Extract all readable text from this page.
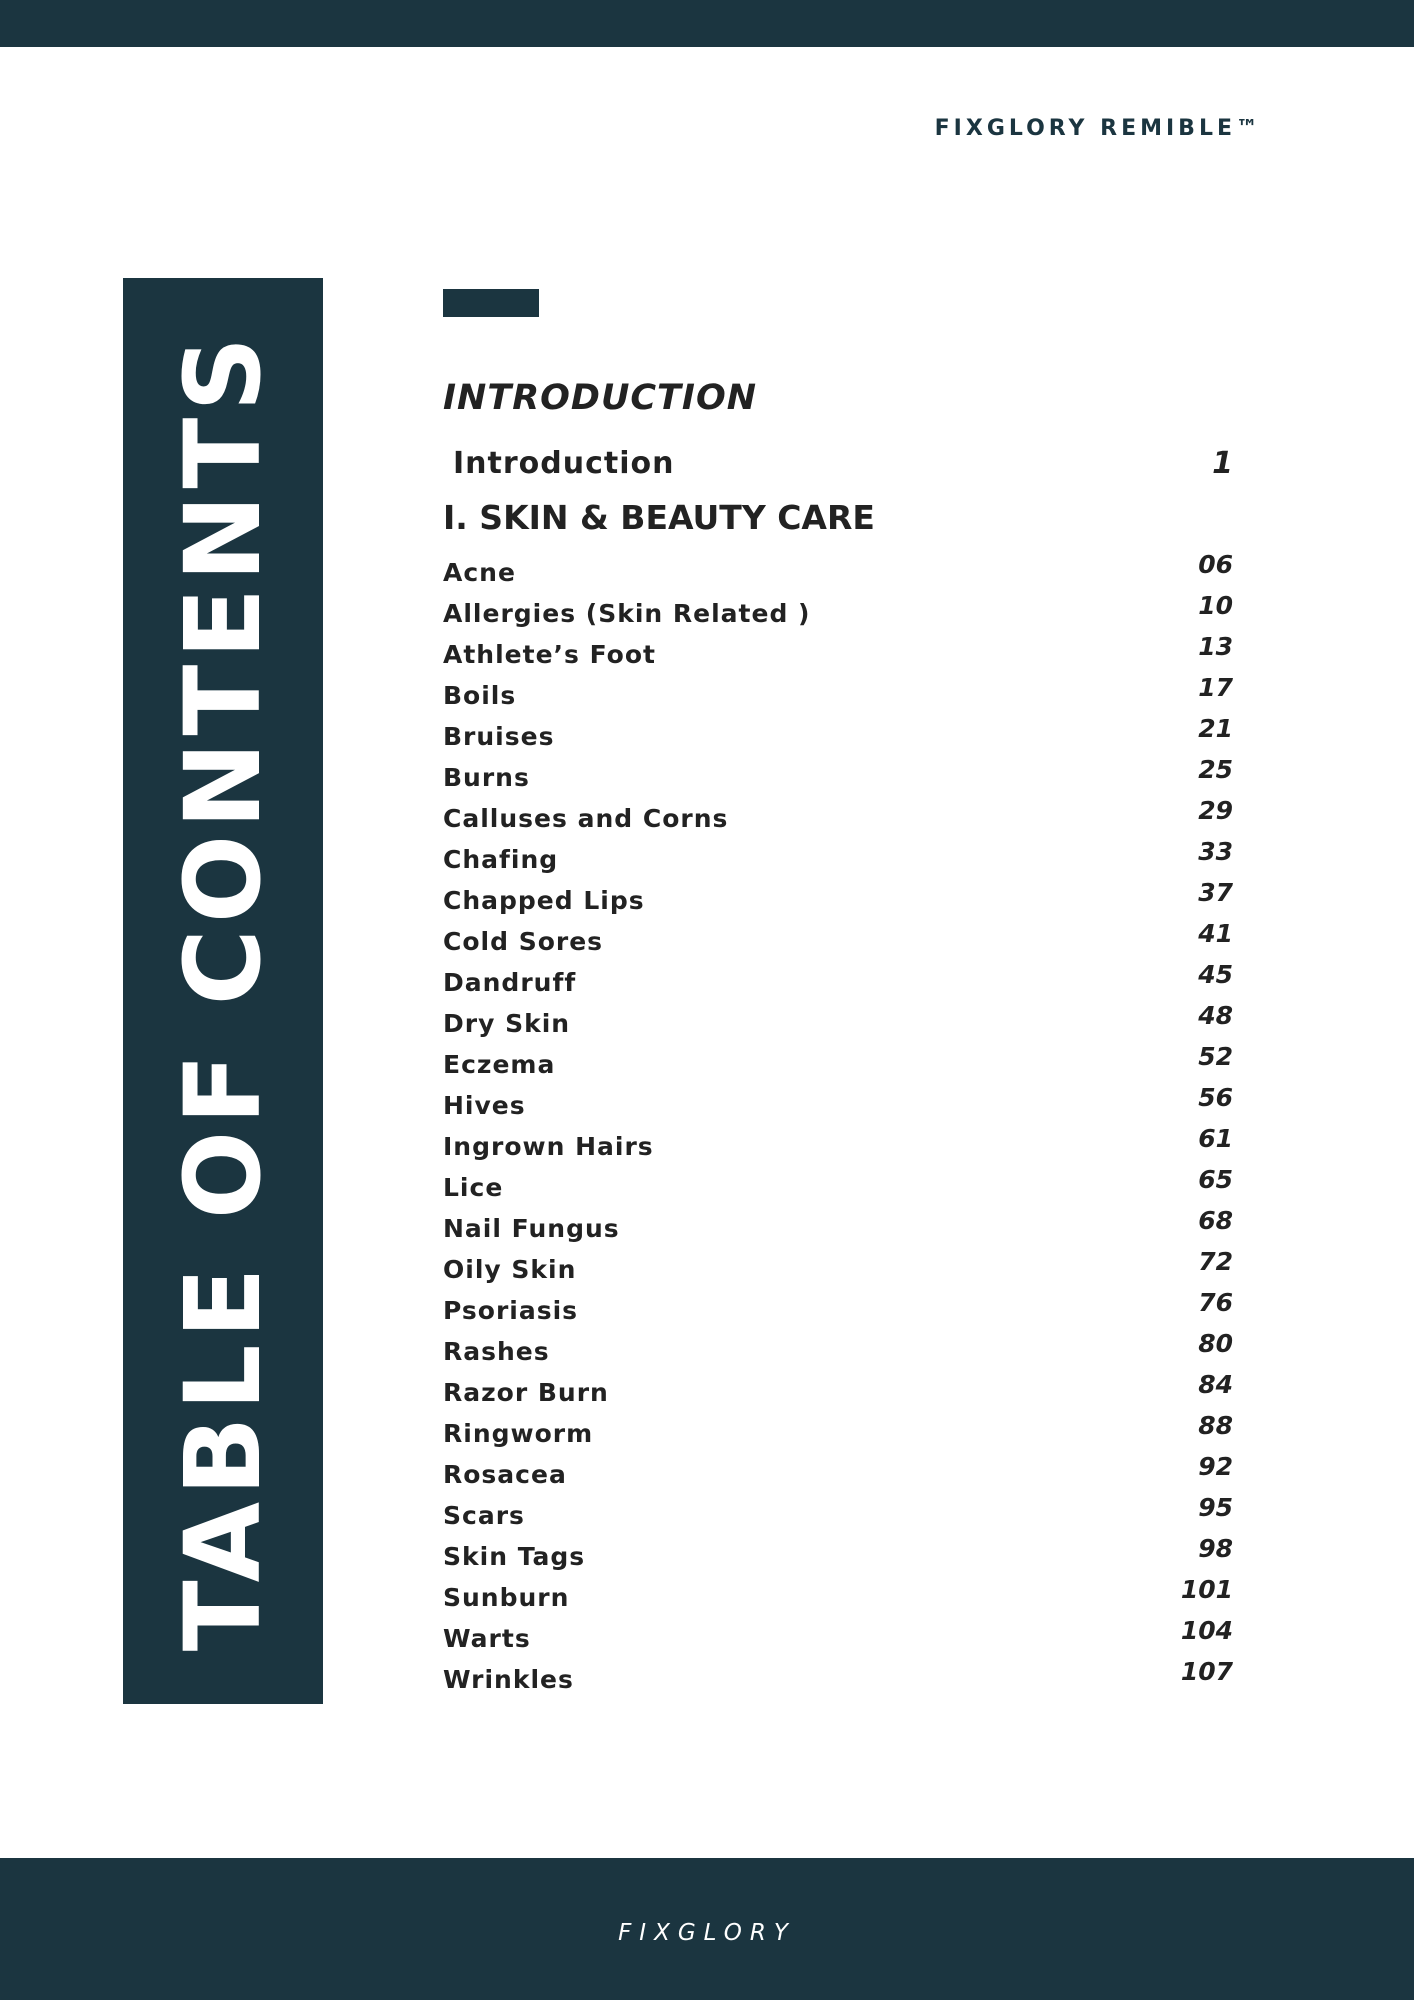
FIXGLORY REMIBLE™
TABLE OF CONTENTS	INTRODUCTION
Introduction	1
I. SKIN & BEAUTY CARE
Acne	06
Allergies (Skin Related )	10
Athlete’s Foot	13
Boils	17
Bruises	21
Burns	25
Calluses and Corns	29
Chafing	33
Chapped Lips	37
Cold Sores	41
Dandruff	45
Dry Skin	48
Eczema	52
Hives	56
Ingrown Hairs	61
Lice	65
Nail Fungus	68
Oily Skin	72
Psoriasis	76
Rashes	80
Razor Burn	84
Ringworm	88
Rosacea	92
Scars	95
Skin Tags	98
Sunburn	101
Warts	104
Wrinkles	107
FIXGLORY
